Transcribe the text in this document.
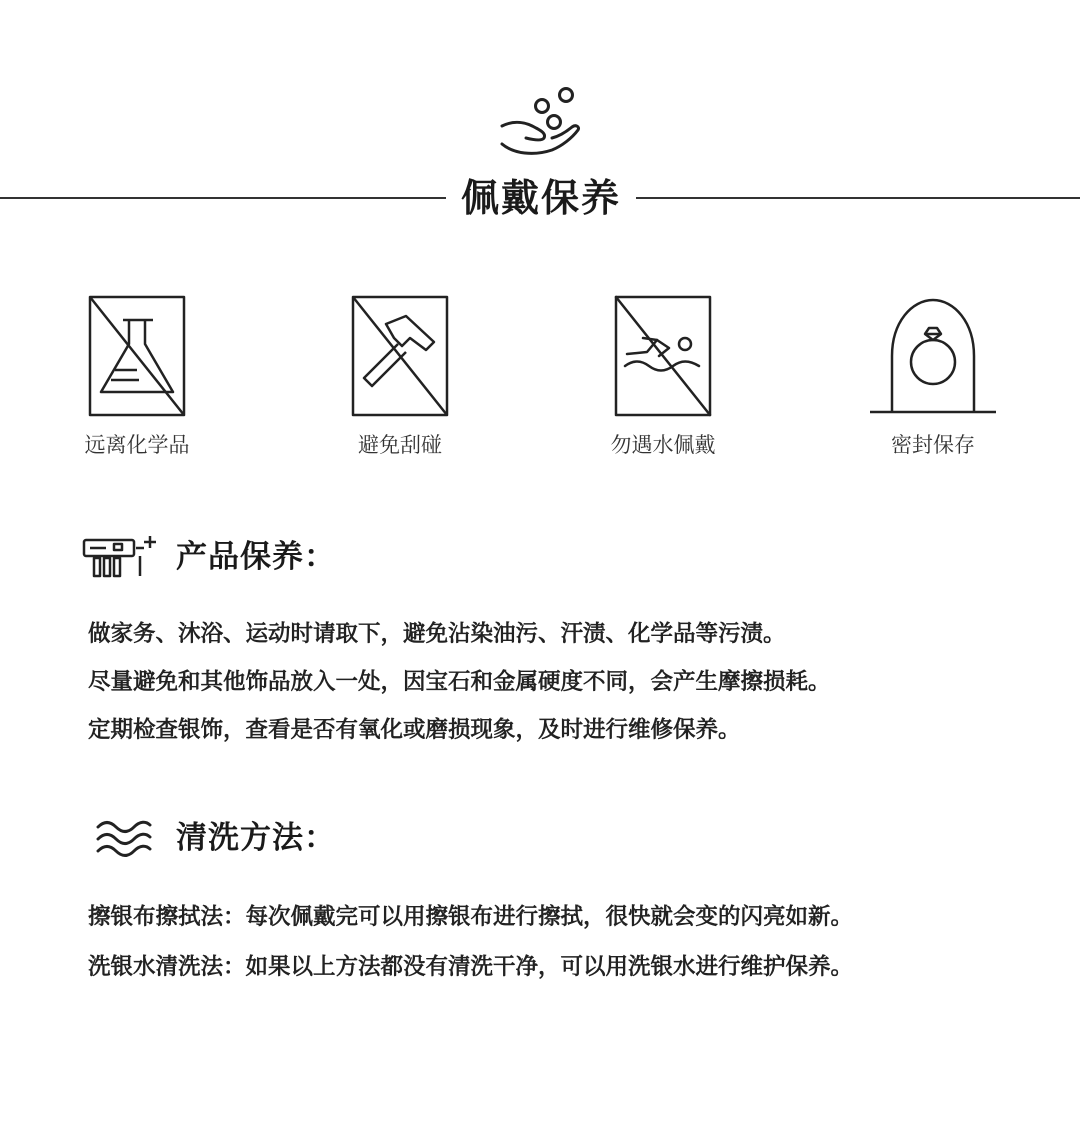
佩戴保养
远离化学品	避免刮碰	勿遇水佩戴	密封保存
产品保养：
做家务、沐浴、运动时请取下，避免沾染油污、汗渍、化学品等污渍。
尽量避免和其他饰品放入一处，因宝石和金属硬度不同，会产生摩擦损耗。
定期检查银饰，查看是否有氧化或磨损现象，及时进行维修保养。
清洗方法：
擦银布擦拭法：每次佩戴完可以用擦银布进行擦拭，很快就会变的闪亮如新。
洗银水清洗法：如果以上方法都没有清洗干净，可以用洗银水进行维护保养。
